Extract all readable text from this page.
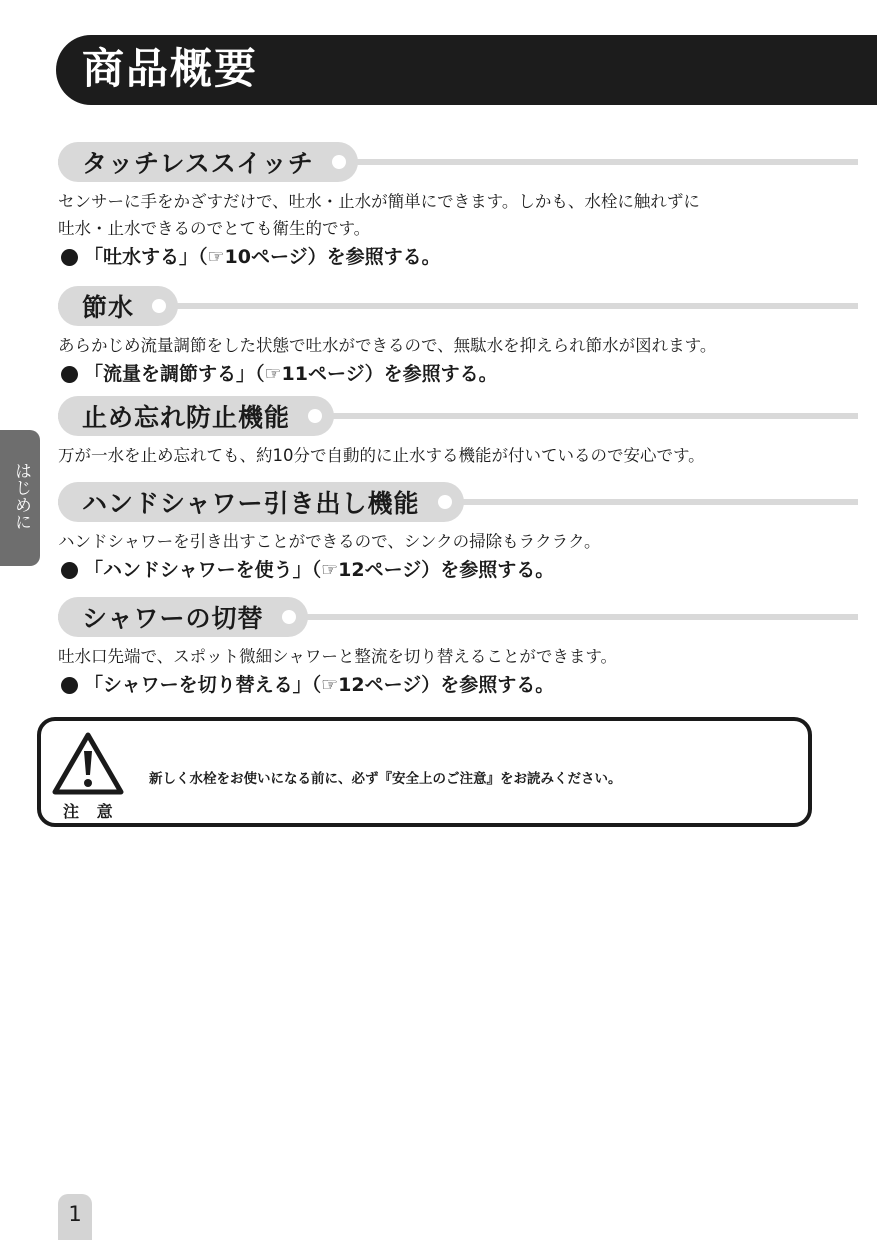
商品概要
はじめに
タッチレススイッチ

センサーに手をかざすだけで、吐水・止水が簡単にできます。しかも、水栓に触れずに
吐水・止水できるのでとても衛生的です。

「吐水する」（☞10ページ）を参照する。

節水

あらかじめ流量調節をした状態で吐水ができるので、無駄水を抑えられ節水が図れます。

「流量を調節する」（☞11ページ）を参照する。

止め忘れ防止機能

万が一水を止め忘れても、約10分で自動的に止水する機能が付いているので安心です。

ハンドシャワー引き出し機能

ハンドシャワーを引き出すことができるので、シンクの掃除もラクラク。

「ハンドシャワーを使う」（☞12ページ）を参照する。

シャワーの切替

吐水口先端で、スポット微細シャワーと整流を切り替えることができます。

「シャワーを切り替える」（☞12ページ）を参照する。

注 意
新しく水栓をお使いになる前に、必ず『安全上のご注意』をお読みください。
1
